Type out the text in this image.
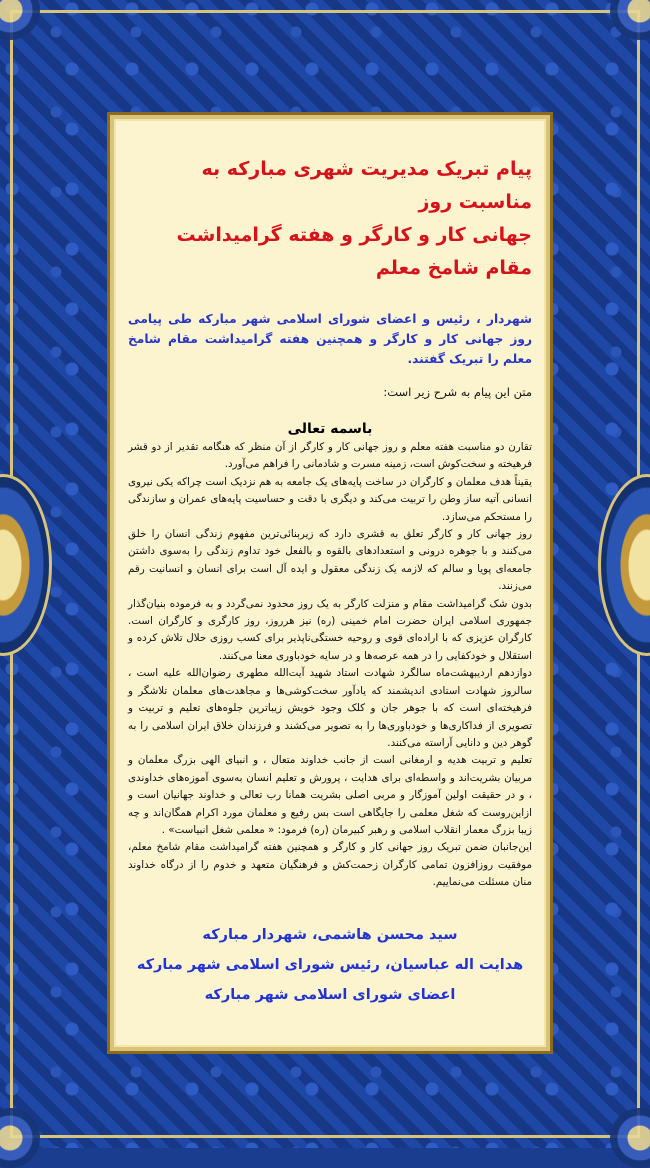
پیام تبریک مدیریت شهری مبارکه به مناسبت روز
جهانی کار و کارگر و هفته گرامیداشت مقام شامخ معلم

شهردار ، رئیس و اعضای شورای اسلامی شهر مبارکه طی پیامی روز جهانی کار و کارگر و همچنین هفته گرامیداشت مقام شامخ معلم را تبریک گفتند.

متن این پیام به شرح زیر است:

باسمه تعالی

تقارن دو مناسبت هفته معلم و روز جهانی کار و کارگر از آن منظر که هنگامه تقدیر از دو قشر فرهیخته و سخت‌کوش است، زمینه مسرت و شادمانی را فراهم می‌آورد.

یقیناً هدف معلمان و کارگران در ساخت پایه‌های یک جامعه به هم نزدیک است چراکه یکی نیروی انسانی آتیه ساز وطن را تربیت می‌کند و دیگری با دقت و حساسیت پایه‌های عمران و سازندگی را مستحکم می‌سازد.

روز جهانی کار و کارگر تعلق به قشری دارد که زیربنائی‌ترین مفهوم زندگی انسان را خلق می‌کنند و با جوهره درونی و استعدادهای بالقوه و بالفعل خود تداوم زندگی را به‌سوی داشتن جامعه‌ای پویا و سالم که لازمه یک زندگی معقول و ایده آل است برای انسان و انسانیت رقم می‌زنند.

بدون شک گرامیداشت مقام و منزلت کارگر به یک روز محدود نمی‌گردد و به فرموده بنیان‌گذار جمهوری اسلامی ایران حضرت امام خمینی (ره) نیز هرروز، روز کارگری و کارگران است. کارگران عزیزی که با اراده‌ای قوی و روحیه خستگی‌ناپذیر برای کسب روزی حلال تلاش کرده و استقلال و خودکفایی را در همه عرصه‌ها و در سایه خودباوری معنا می‌کنند.

دوازدهم اردیبهشت‌ماه سالگرد شهادت استاد شهید آیت‌الله مطهری رضوان‌الله علیه است ، سالروز شهادت استادی اندیشمند که یادآور سخت‌کوشی‌ها و مجاهدت‌های معلمان تلاشگر و فرهیخته‌ای است که با جوهر جان و کلک وجود خویش زیباترین جلوه‌های تعلیم و تربیت و تصویری از فداکاری‌ها و خودباوری‌ها را به تصویر می‌کشند و فرزندان خلاق ایران اسلامی را به گوهر دین و دانایی آراسته می‌کنند.

تعلیم و تربیت هدیه و ارمغانی است از جانب خداوند متعال ، و انبیای الهی بزرگ معلمان و مربیان بشریت‌اند و واسطه‌ای برای هدایت ، پرورش و تعلیم انسان به‌سوی آموزه‌های خداوندی ، و در حقیقت اولین آموزگار و مربی اصلی بشریت همانا رب تعالی و خداوند جهانیان است و ازاین‌روست که شغل معلمی را جایگاهی است بس رفیع و معلمان مورد اکرام همگان‌اند و چه زیبا بزرگ معمار انقلاب اسلامی و رهبر کبیرمان (ره) فرمود: « معلمی شغل انبیاست» .

این‌جانبان ضمن تبریک روز جهانی کار و کارگر و همچنین هفته گرامیداشت مقام شامخ معلم، موفقیت روزافزون تمامی کارگران زحمت‌کش و فرهنگیان متعهد و خدوم را از درگاه خداوند منان مسئلت می‌نماییم.

سید محسن هاشمی، شهردار مبارکه
هدایت اله عباسیان، رئیس شورای اسلامی شهر مبارکه
اعضای شورای اسلامی شهر مبارکه
